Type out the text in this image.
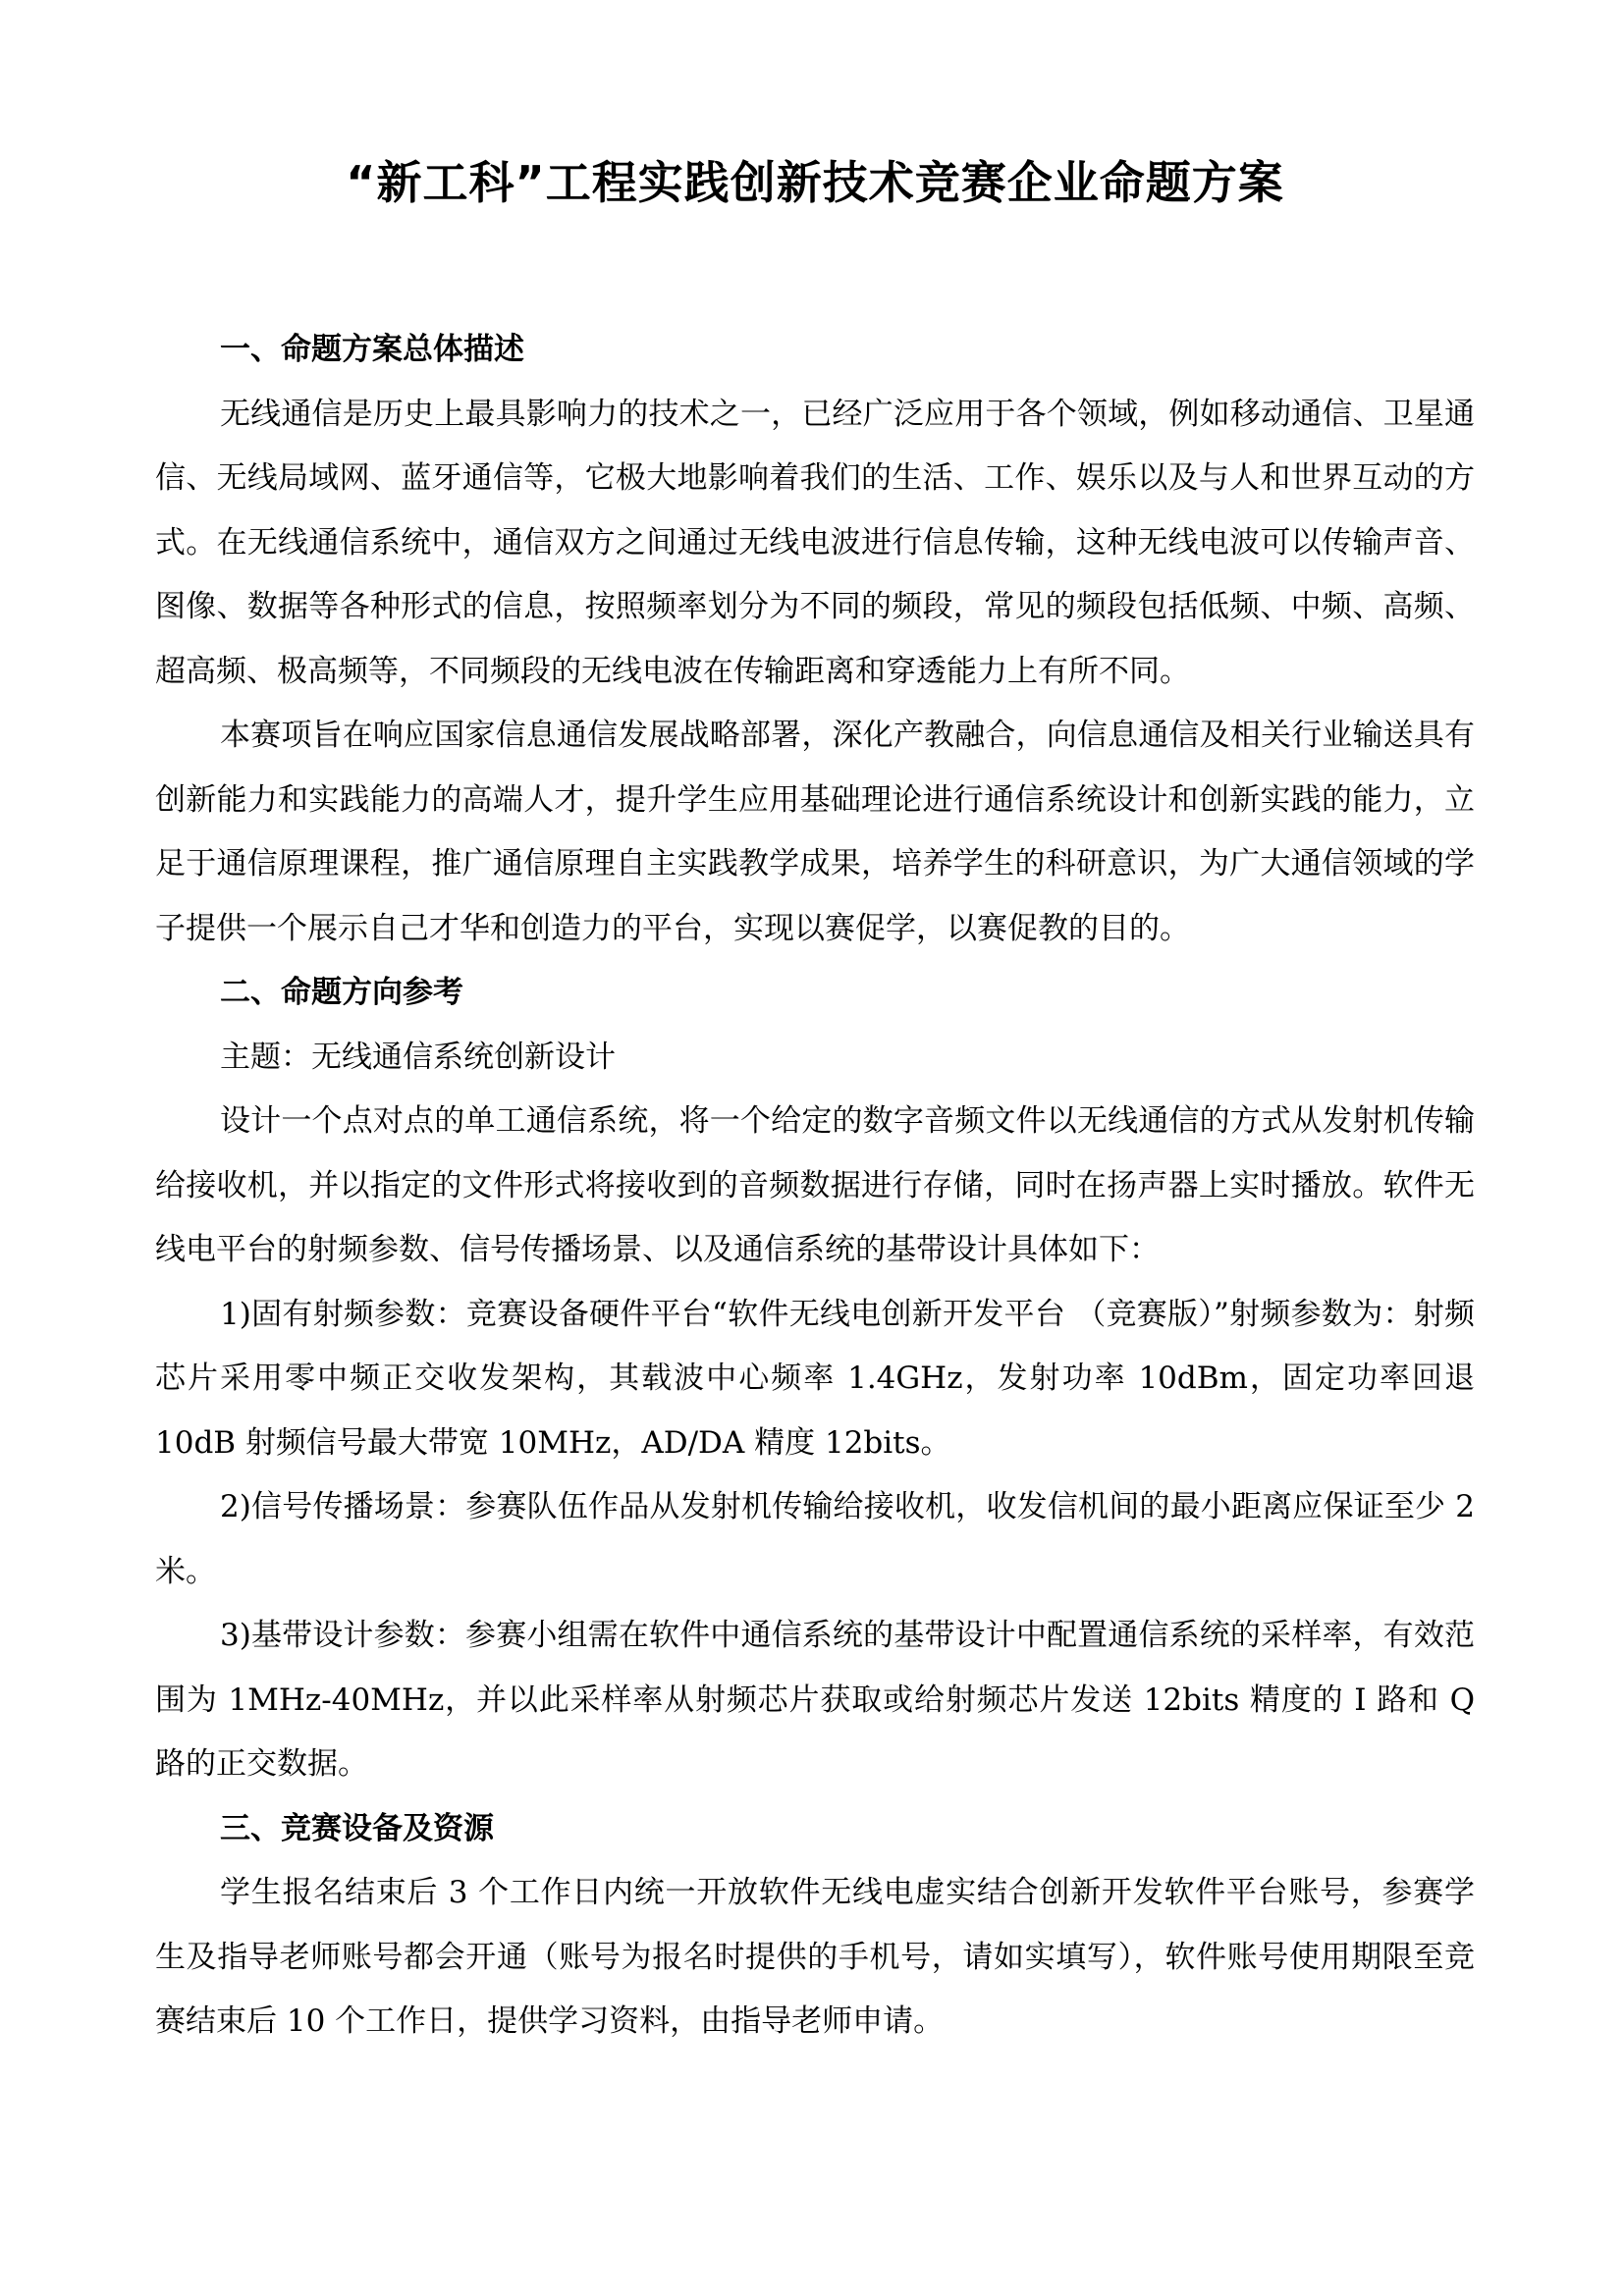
“新工科”工程实践创新技术竞赛企业命题方案
一、命题方案总体描述

无线通信是历史上最具影响力的技术之一，已经广泛应用于各个领域，例如移动通信、卫星通信、无线局域网、蓝牙通信等，它极大地影响着我们的生活、工作、娱乐以及与人和世界互动的方式。在无线通信系统中，通信双方之间通过无线电波进行信息传输，这种无线电波可以传输声音、图像、数据等各种形式的信息，按照频率划分为不同的频段，常见的频段包括低频、中频、高频、超高频、极高频等，不同频段的无线电波在传输距离和穿透能力上有所不同。

本赛项旨在响应国家信息通信发展战略部署，深化产教融合，向信息通信及相关行业输送具有创新能力和实践能力的高端人才，提升学生应用基础理论进行通信系统设计和创新实践的能力，立足于通信原理课程，推广通信原理自主实践教学成果，培养学生的科研意识，为广大通信领域的学子提供一个展示自己才华和创造力的平台，实现以赛促学，以赛促教的目的。

二、命题方向参考

主题：无线通信系统创新设计

设计一个点对点的单工通信系统，将一个给定的数字音频文件以无线通信的方式从发射机传输给接收机，并以指定的文件形式将接收到的音频数据进行存储，同时在扬声器上实时播放。软件无线电平台的射频参数、信号传播场景、以及通信系统的基带设计具体如下：

1)固有射频参数：竞赛设备硬件平台“软件无线电创新开发平台 （竞赛版）”射频参数为：射频芯片采用零中频正交收发架构，其载波中心频率 1.4GHz，发射功率 10dBm，固定功率回退 10dB 射频信号最大带宽 10MHz，AD/DA 精度 12bits。

2)信号传播场景：参赛队伍作品从发射机传输给接收机，收发信机间的最小距离应保证至少 2 米。

3)基带设计参数：参赛小组需在软件中通信系统的基带设计中配置通信系统的采样率，有效范围为 1MHz-40MHz，并以此采样率从射频芯片获取或给射频芯片发送 12bits 精度的 I 路和 Q 路的正交数据。

三、竞赛设备及资源

学生报名结束后 3 个工作日内统一开放软件无线电虚实结合创新开发软件平台账号，参赛学生及指导老师账号都会开通（账号为报名时提供的手机号，请如实填写），软件账号使用期限至竞赛结束后 10 个工作日，提供学习资料，由指导老师申请。
